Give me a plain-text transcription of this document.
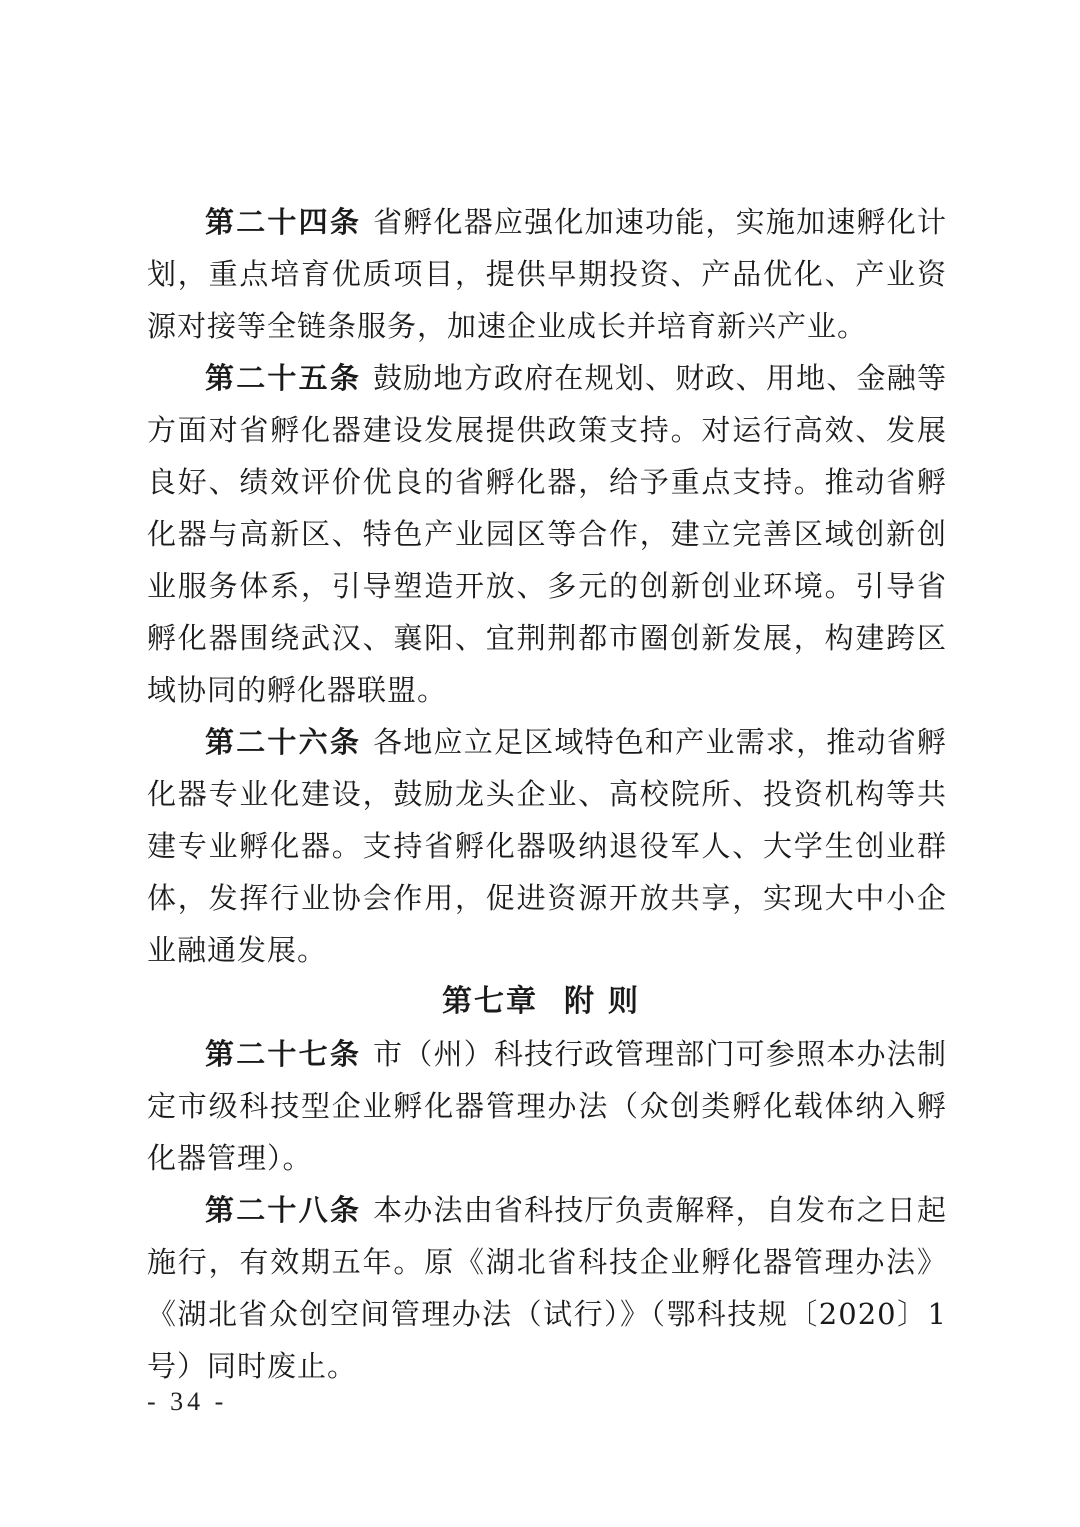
第二十四条 省孵化器应强化加速功能，实施加速孵化计划，重点培育优质项目，提供早期投资、产品优化、产业资源对接等全链条服务，加速企业成长并培育新兴产业。

第二十五条 鼓励地方政府在规划、财政、用地、金融等方面对省孵化器建设发展提供政策支持。对运行高效、发展良好、绩效评价优良的省孵化器，给予重点支持。推动省孵化器与高新区、特色产业园区等合作，建立完善区域创新创业服务体系，引导塑造开放、多元的创新创业环境。引导省孵化器围绕武汉、襄阳、宜荆荆都市圈创新发展，构建跨区域协同的孵化器联盟。

第二十六条 各地应立足区域特色和产业需求，推动省孵化器专业化建设，鼓励龙头企业、高校院所、投资机构等共建专业孵化器。支持省孵化器吸纳退役军人、大学生创业群体，发挥行业协会作用，促进资源开放共享，实现大中小企业融通发展。

第七章 附则

第二十七条 市（州）科技行政管理部门可参照本办法制定市级科技型企业孵化器管理办法（众创类孵化载体纳入孵化器管理）。

第二十八条 本办法由省科技厅负责解释，自发布之日起施行，有效期五年。原《湖北省科技企业孵化器管理办法》《湖北省众创空间管理办法（试行）》（鄂科技规〔2020〕1号）同时废止。

- 34 -
